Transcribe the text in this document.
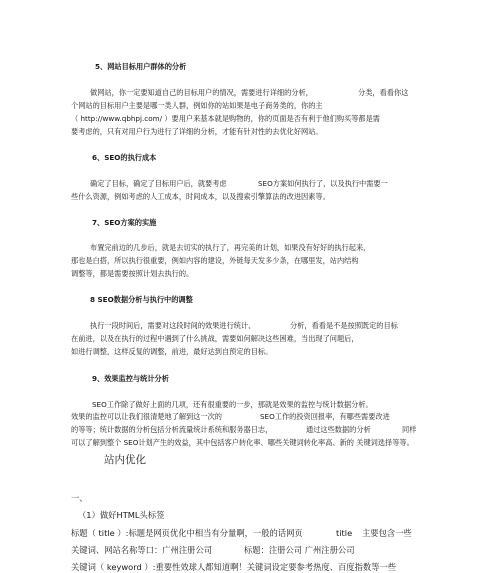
5、网站目标用户群体的分析
做网站，你一定要知道自己的目标用户的情况，需要进行详细的分析，	分类，看看你这
个网站的目标用户主要是哪一类人群，例如你的站如果是电子商务类的，你的主
（ http://www.qbhpj.com/ ）要用户来基本就是购物的，你的页面是否有利于他们购买等都是需
要考虑的，只有对用户行为进行了详细的分析，才能有针对性的去优化好网站。
6、SEO的执行成本
确定了目标，确定了目标用户后，就要考虑	SEO方案如何执行了，以及执行中需要一
些什么资源，例如考虑的人工成本，时间成本，以及搜索引擎算法的改进因素等。
7、SEO方案的实施
布置完前边的几步后，就是去切实的执行了，再完美的计划，如果没有好好的执行起来，
那也是白搭，所以执行很重要，例如内容的建设，外链每天发多少条，在哪里发，站内结构
调整等，都是需要按照计划去执行的。
8 SEO数据分析与执行中的调整
执行一段时间后，需要对这段时间的效果进行统计、	分析，看看是不是按照既定的目标
在前进，以及在执行的过程中遇到了什么挑战，需要如何解决这些困难，当出现了问题后，
如进行调整，这样反复的调整，前进，最好达到自预定的目标。
9、效果监控与统计分析
SEO工作除了做好上面的几项，还有很重要的一步，那就是效果的监控与统计数据分析。
效果的监控可以让我们很清楚地了解到这一次的	SEO工作的投资回报率，有哪些需要改进
的等等；统计数据的分析包括分析流量统计系统和服务器日志，	通过这些数据的分析	同样
可以了解到整个 SEO计划产生的效益，其中包括客户转化率、哪些关键词转化率高、新的 关键词选择等等。
站内优化
一、
（1）做好HTML头标签
标题（ title ）:标题是网页优化中相当有分量啊，一般的话网页	title 主要包含一些
关键词、网站名称等口：广州注册公司	标题：注册公司 广州注册公司
关键词（ keyword ）:重要性效球人都知道啊！关键词设定要参考热度、百度指数等一些
